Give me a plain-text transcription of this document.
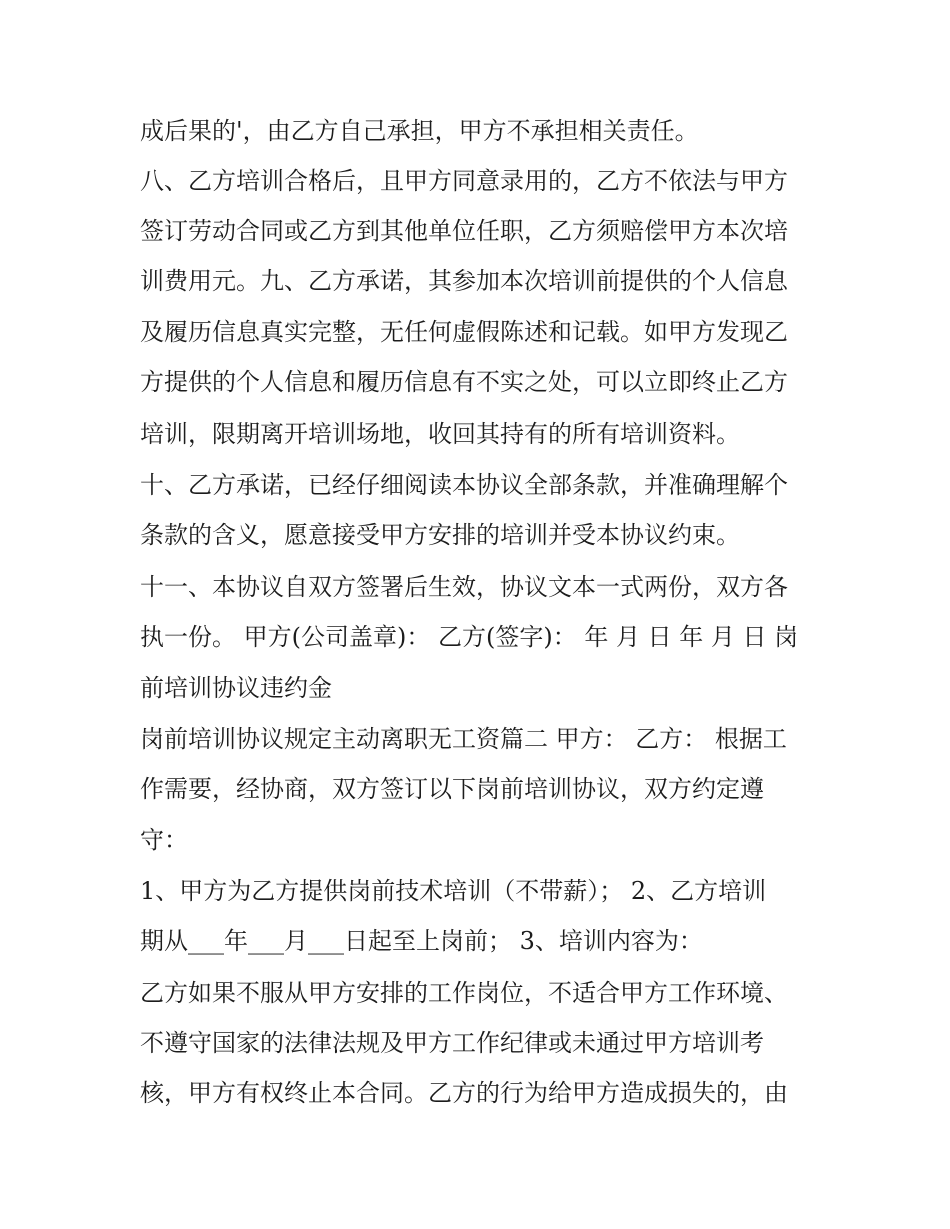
成后果的'，由乙方自己承担，甲方不承担相关责任。
八、乙方培训合格后，且甲方同意录用的，乙方不依法与甲方
签订劳动合同或乙方到其他单位任职，乙方须赔偿甲方本次培
训费用元。九、乙方承诺，其参加本次培训前提供的个人信息
及履历信息真实完整，无任何虚假陈述和记载。如甲方发现乙
方提供的个人信息和履历信息有不实之处，可以立即终止乙方
培训，限期离开培训场地，收回其持有的所有培训资料。
十、乙方承诺，已经仔细阅读本协议全部条款，并准确理解个
条款的含义，愿意接受甲方安排的培训并受本协议约束。
十一、本协议自双方签署后生效，协议文本一式两份，双方各
执一份。 甲方(公司盖章)： 乙方(签字)： 年 月 日 年 月 日 岗
前培训协议违约金
岗前培训协议规定主动离职无工资篇二 甲方： 乙方： 根据工
作需要，经协商，双方签订以下岗前培训协议，双方约定遵
守：
1、甲方为乙方提供岗前技术培训（不带薪）； 2、乙方培训
期从___年___月___日起至上岗前； 3、培训内容为：
乙方如果不服从甲方安排的工作岗位，不适合甲方工作环境、
不遵守国家的法律法规及甲方工作纪律或未通过甲方培训考
核，甲方有权终止本合同。乙方的行为给甲方造成损失的，由
